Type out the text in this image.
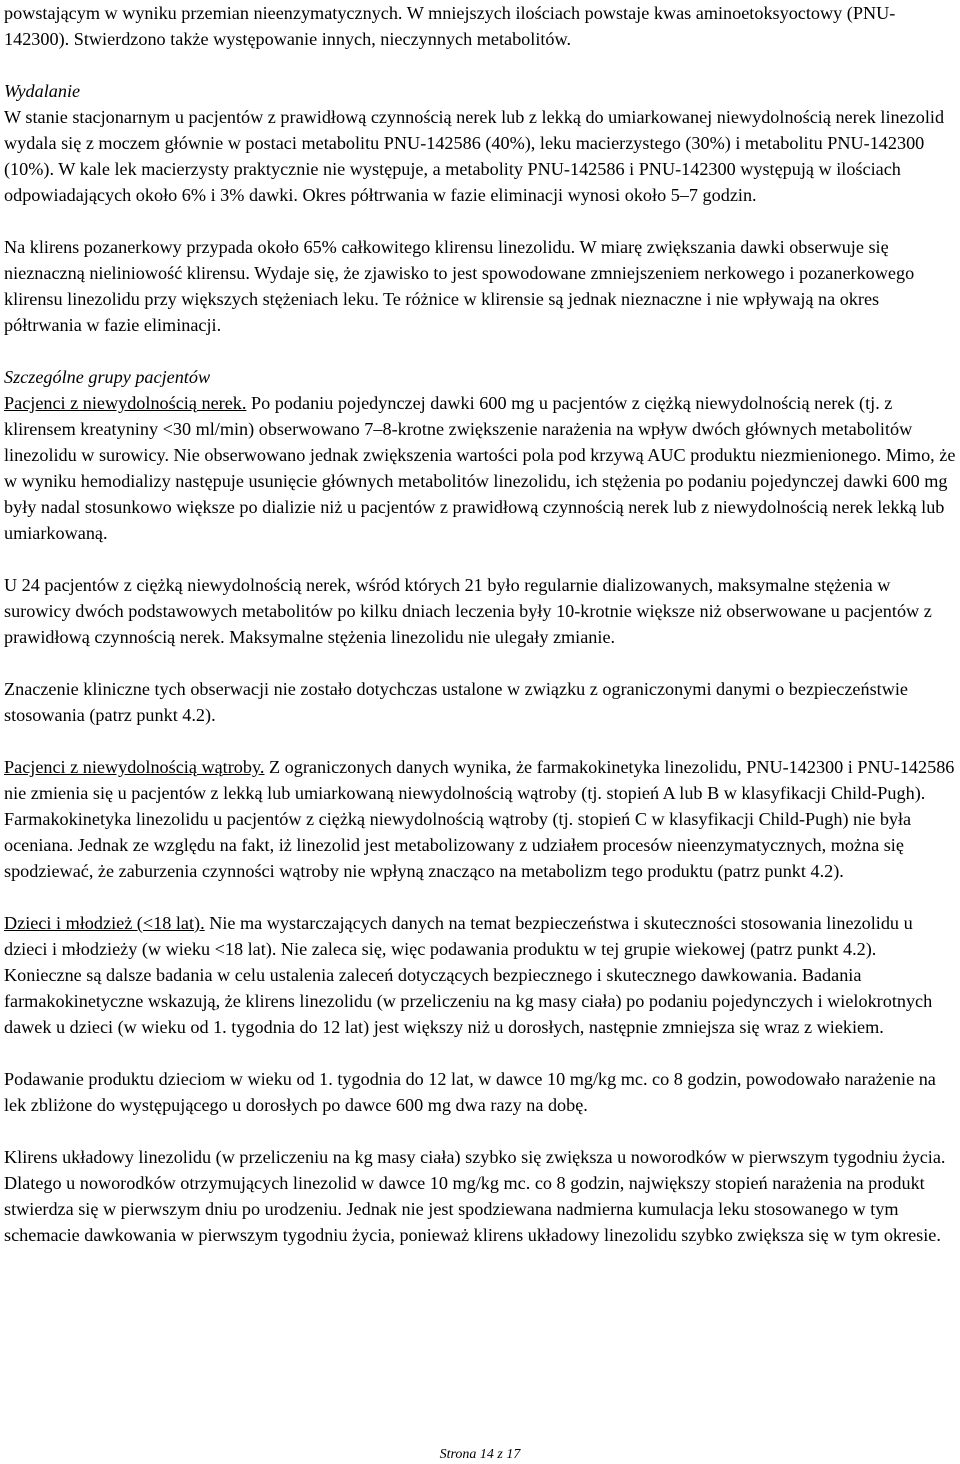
powstającym w wyniku przemian nieenzymatycznych. W mniejszych ilościach powstaje kwas aminoetoksyoctowy (PNU-142300). Stwierdzono także występowanie innych, nieczynnych metabolitów.

Wydalanie

W stanie stacjonarnym u pacjentów z prawidłową czynnością nerek lub z lekką do umiarkowanej niewydolnością nerek linezolid wydala się z moczem głównie w postaci metabolitu PNU-142586 (40%), leku macierzystego (30%) i metabolitu PNU-142300 (10%). W kale lek macierzysty praktycznie nie występuje, a metabolity PNU-142586 i PNU-142300 występują w ilościach odpowiadających około 6% i 3% dawki. Okres półtrwania w fazie eliminacji wynosi około 5–7 godzin.

Na klirens pozanerkowy przypada około 65% całkowitego klirensu linezolidu. W miarę zwiększania dawki obserwuje się nieznaczną nieliniowość klirensu. Wydaje się, że zjawisko to jest spowodowane zmniejszeniem nerkowego i pozanerkowego klirensu linezolidu przy większych stężeniach leku. Te różnice w klirensie są jednak nieznaczne i nie wpływają na okres półtrwania w fazie eliminacji.

Szczególne grupy pacjentów

Pacjenci z niewydolnością nerek. Po podaniu pojedynczej dawki 600 mg u pacjentów z ciężką niewydolnością nerek (tj. z klirensem kreatyniny <30 ml/min) obserwowano 7–8-krotne zwiększenie narażenia na wpływ dwóch głównych metabolitów linezolidu w surowicy. Nie obserwowano jednak zwiększenia wartości pola pod krzywą AUC produktu niezmienionego. Mimo, że w wyniku hemodializy następuje usunięcie głównych metabolitów linezolidu, ich stężenia po podaniu pojedynczej dawki 600 mg były nadal stosunkowo większe po dializie niż u pacjentów z prawidłową czynnością nerek lub z niewydolnością nerek lekką lub umiarkowaną.

U 24 pacjentów z ciężką niewydolnością nerek, wśród których 21 było regularnie dializowanych, maksymalne stężenia w surowicy dwóch podstawowych metabolitów po kilku dniach leczenia były 10-krotnie większe niż obserwowane u pacjentów z prawidłową czynnością nerek. Maksymalne stężenia linezolidu nie ulegały zmianie.

Znaczenie kliniczne tych obserwacji nie zostało dotychczas ustalone w związku z ograniczonymi danymi o bezpieczeństwie stosowania (patrz punkt 4.2).

Pacjenci z niewydolnością wątroby. Z ograniczonych danych wynika, że farmakokinetyka linezolidu, PNU-142300 i PNU-142586 nie zmienia się u pacjentów z lekką lub umiarkowaną niewydolnością wątroby (tj. stopień A lub B w klasyfikacji Child-Pugh). Farmakokinetyka linezolidu u pacjentów z ciężką niewydolnością wątroby (tj. stopień C w klasyfikacji Child-Pugh) nie była oceniana. Jednak ze względu na fakt, iż linezolid jest metabolizowany z udziałem procesów nieenzymatycznych, można się spodziewać, że zaburzenia czynności wątroby nie wpłyną znacząco na metabolizm tego produktu (patrz punkt 4.2).

Dzieci i młodzież (<18 lat). Nie ma wystarczających danych na temat bezpieczeństwa i skuteczności stosowania linezolidu u dzieci i młodzieży (w wieku <18 lat). Nie zaleca się, więc podawania produktu w tej grupie wiekowej (patrz punkt 4.2). Konieczne są dalsze badania w celu ustalenia zaleceń dotyczących bezpiecznego i skutecznego dawkowania. Badania farmakokinetyczne wskazują, że klirens linezolidu (w przeliczeniu na kg masy ciała) po podaniu pojedynczych i wielokrotnych dawek u dzieci (w wieku od 1. tygodnia do 12 lat) jest większy niż u dorosłych, następnie zmniejsza się wraz z wiekiem.

Podawanie produktu dzieciom w wieku od 1. tygodnia do 12 lat, w dawce 10 mg/kg mc. co 8 godzin, powodowało narażenie na lek zbliżone do występującego u dorosłych po dawce 600 mg dwa razy na dobę.

Klirens układowy linezolidu (w przeliczeniu na kg masy ciała) szybko się zwiększa u noworodków w pierwszym tygodniu życia. Dlatego u noworodków otrzymujących linezolid w dawce 10 mg/kg mc. co 8 godzin, największy stopień narażenia na produkt stwierdza się w pierwszym dniu po urodzeniu. Jednak nie jest spodziewana nadmierna kumulacja leku stosowanego w tym schemacie dawkowania w pierwszym tygodniu życia, ponieważ klirens układowy linezolidu szybko zwiększa się w tym okresie.

Strona 14 z 17
